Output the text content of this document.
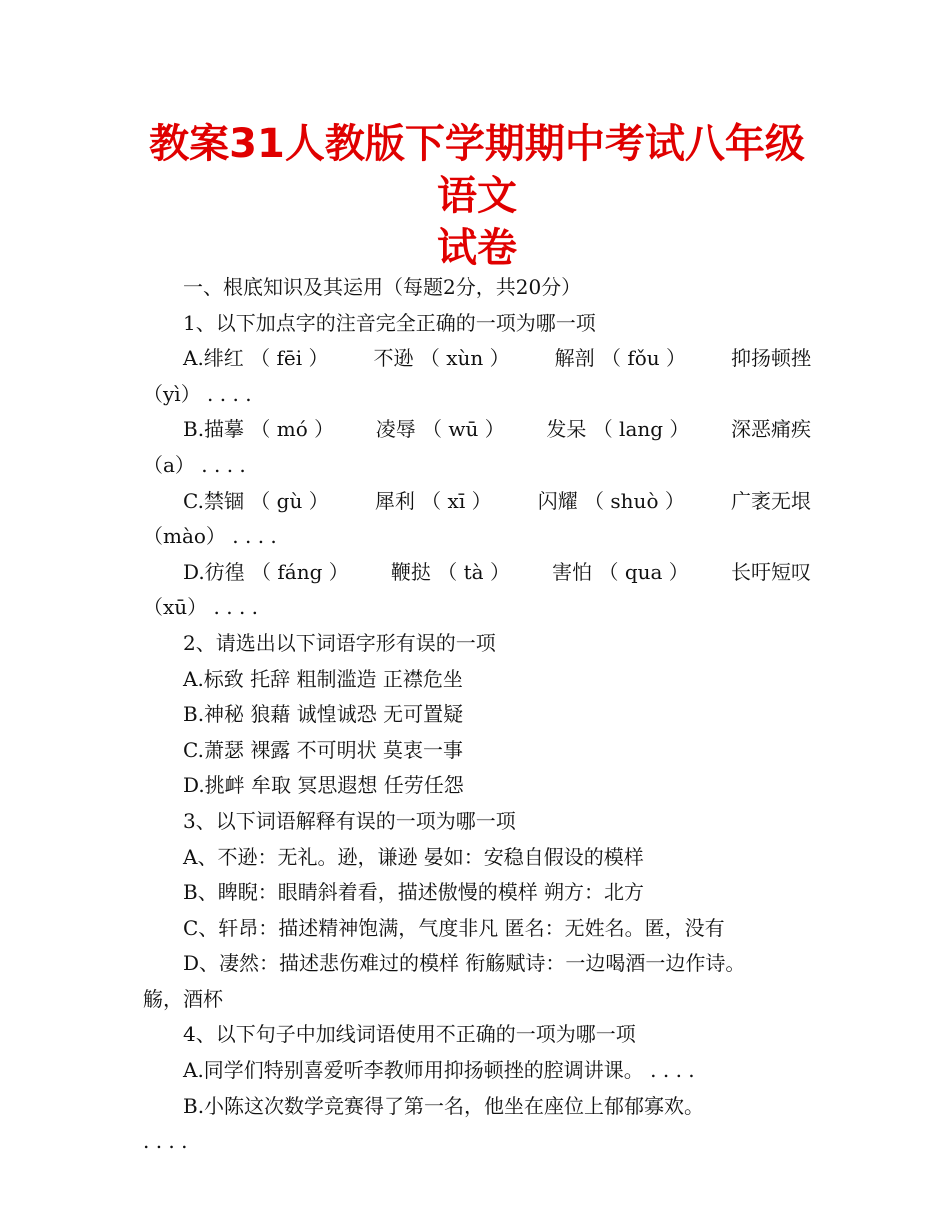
教案31人教版下学期期中考试八年级语文
试卷
一、根底知识及其运用（每题2分，共20分）
1、以下加点字的注音完全正确的一项为哪一项
A.绯红 （ fēi ） 不逊 （ xùn ） 解剖 （ fǒu ） 抑扬顿挫
（yì） . . . .
B.描摹 （ mó ） 凌辱 （ wū ） 发呆 （ lang ） 深恶痛疾
（a） . . . .
C.禁锢 （ gù ） 犀利 （ xī ） 闪耀 （ shuò ） 广袤无垠
（mào） . . . .
D.彷徨 （ fáng ） 鞭挞 （ tà ） 害怕 （ qua ） 长吁短叹
（xū） . . . .
2、请选出以下词语字形有误的一项
A.标致 托辞 粗制滥造 正襟危坐
B.神秘 狼藉 诚惶诚恐 无可置疑
C.萧瑟 裸露 不可明状 莫衷一事
D.挑衅 牟取 冥思遐想 任劳任怨
3、以下词语解释有误的一项为哪一项
A、不逊：无礼。逊，谦逊 晏如：安稳自假设的模样
B、睥睨：眼睛斜着看，描述傲慢的模样 朔方：北方
C、轩昂：描述精神饱满，气度非凡 匿名：无姓名。匿，没有
D、凄然：描述悲伤难过的模样 衔觞赋诗：一边喝酒一边作诗。
觞，酒杯
4、以下句子中加线词语使用不正确的一项为哪一项
A.同学们特别喜爱听李教师用抑扬顿挫的腔调讲课。 . . . .
B.小陈这次数学竞赛得了第一名，他坐在座位上郁郁寡欢。
. . . .
